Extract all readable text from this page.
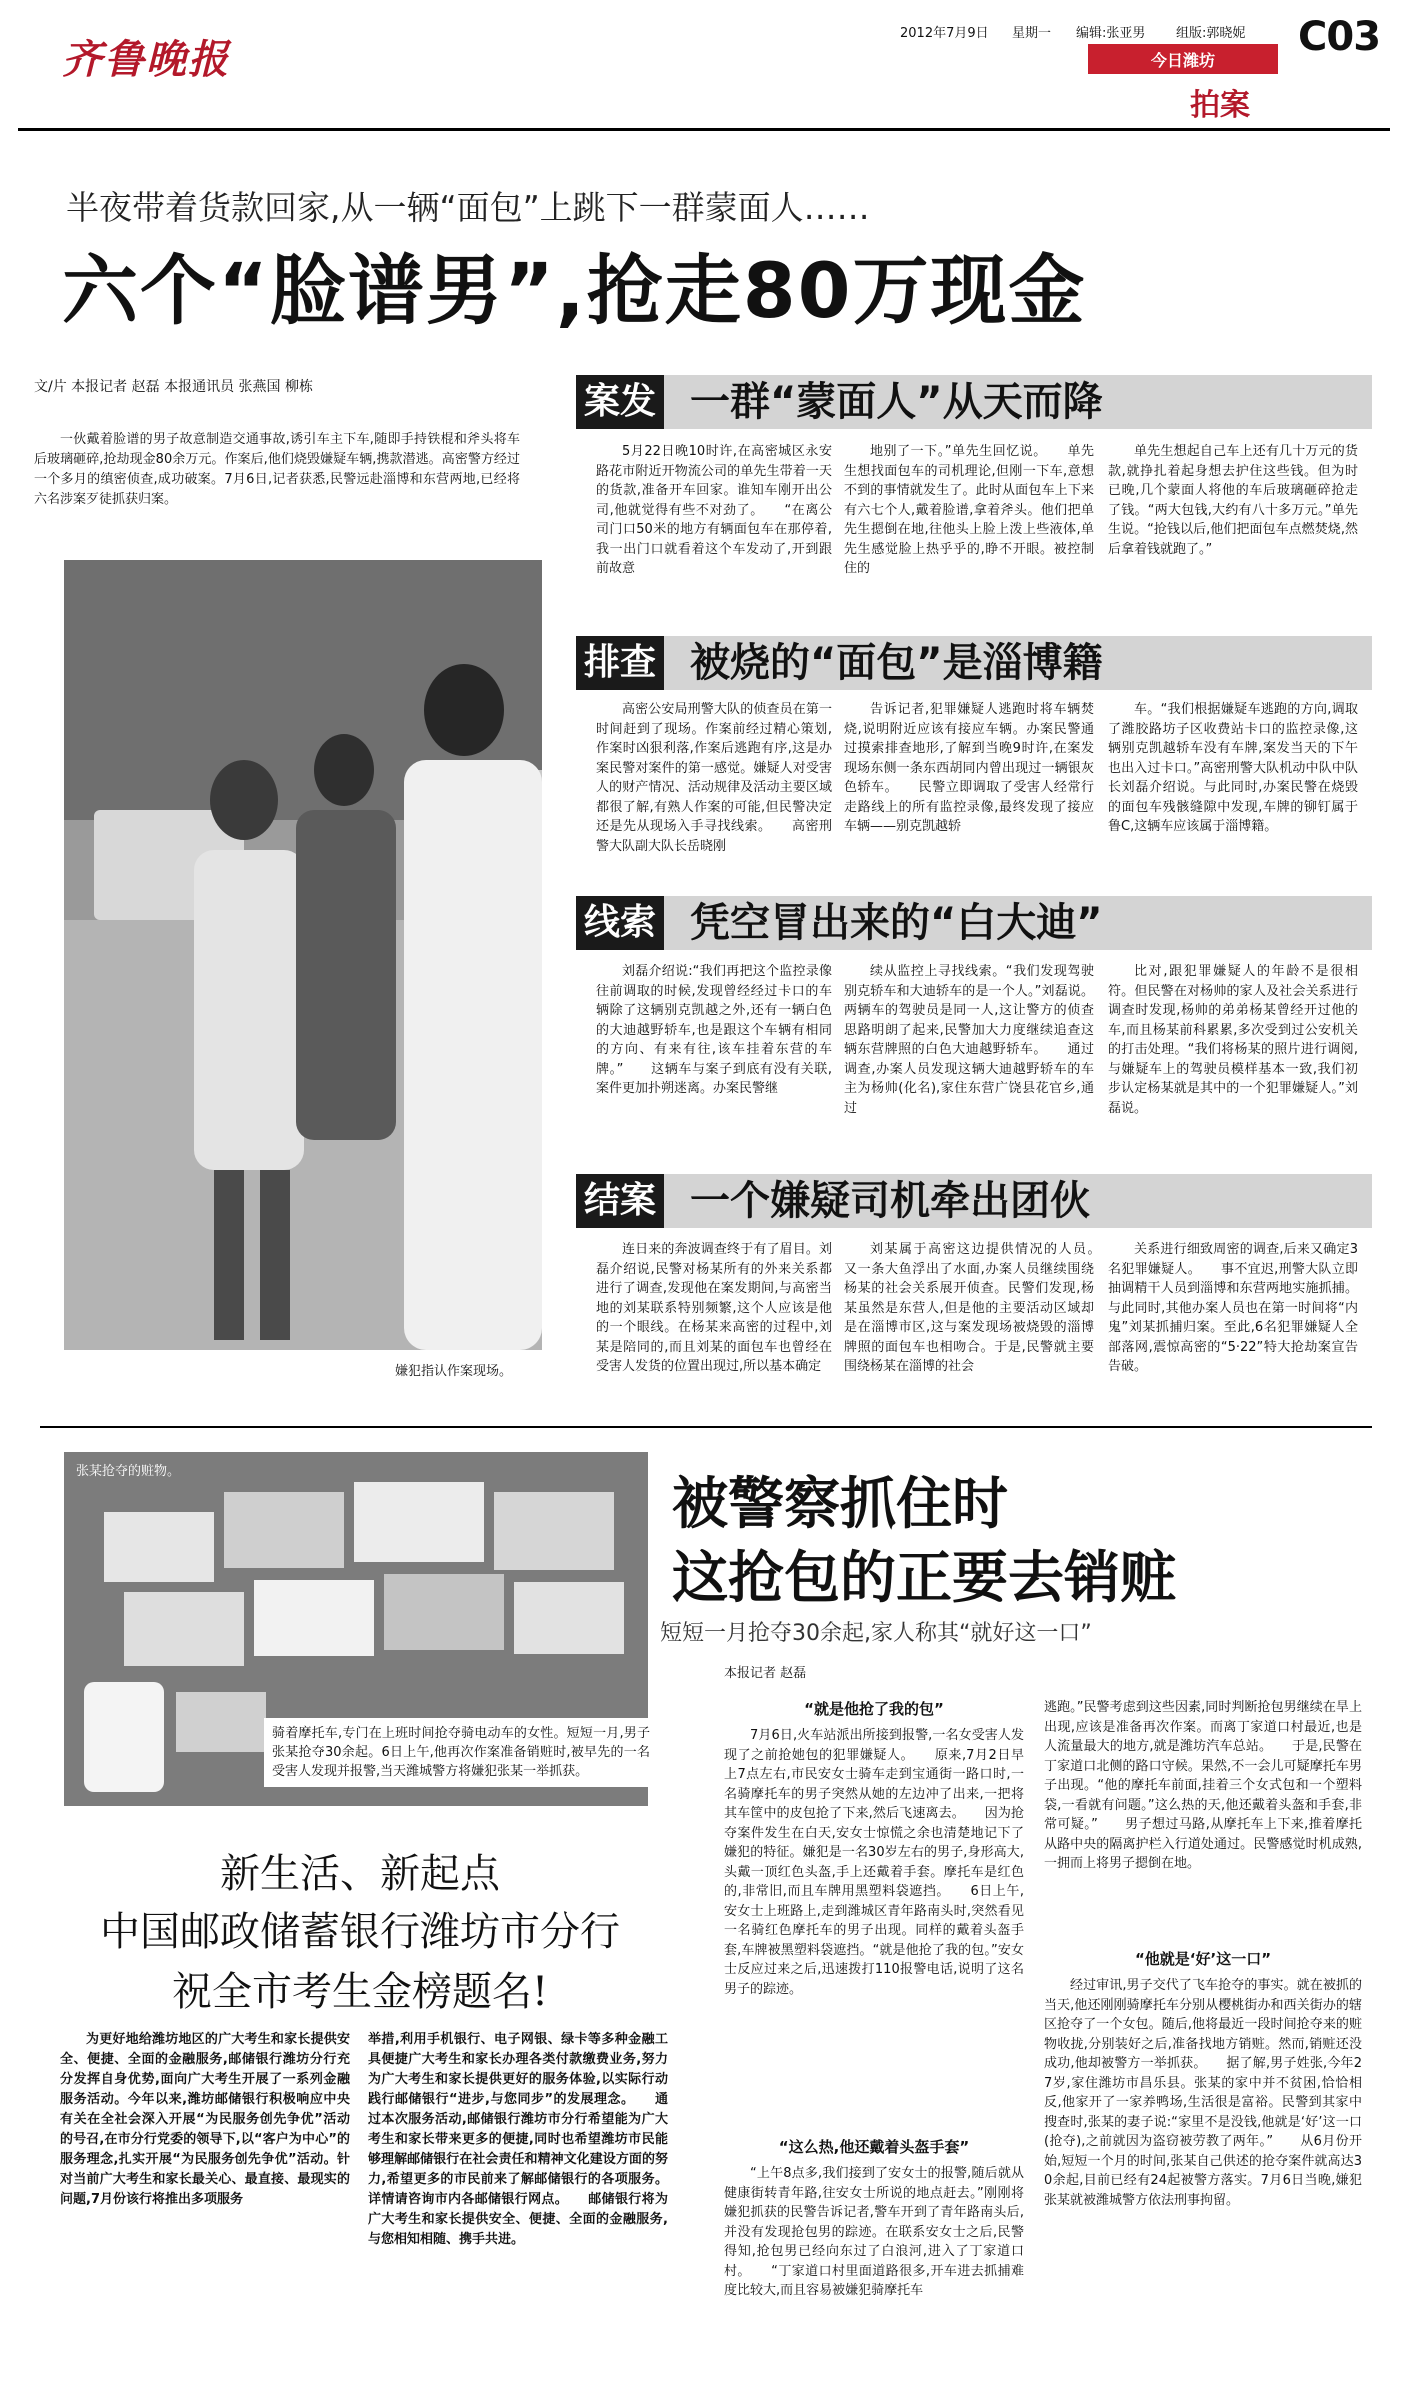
齐鲁晚报
2012年7月9日 星期一 编辑:张亚男 组版:郭晓妮 C03
今日潍坊
拍案
半夜带着货款回家,从一辆“面包”上跳下一群蒙面人……
六个“脸谱男”,抢走80万现金
文/片 本报记者 赵磊 本报通讯员 张燕国 柳栋
一伙戴着脸谱的男子故意制造交通事故,诱引车主下车,随即手持铁棍和斧头将车后玻璃砸碎,抢劫现金80余万元。作案后,他们烧毁嫌疑车辆,携款潜逃。高密警方经过一个多月的缜密侦查,成功破案。7月6日,记者获悉,民警远赴淄博和东营两地,已经将六名涉案歹徒抓获归案。
嫌犯指认作案现场。
案发 一群“蒙面人”从天而降
5月22日晚10时许,在高密城区永安路花市附近开物流公司的单先生带着一天的货款,准备开车回家。谁知车刚开出公司,他就觉得有些不对劲了。　　“在离公司门口50米的地方有辆面包车在那停着,我一出门口就看着这个车发动了,开到跟前故意
地别了一下。”单先生回忆说。　　单先生想找面包车的司机理论,但刚一下车,意想不到的事情就发生了。此时从面包车上下来有六七个人,戴着脸谱,拿着斧头。他们把单先生摁倒在地,往他头上脸上泼上些液体,单先生感觉脸上热乎乎的,睁不开眼。被控制住的
单先生想起自己车上还有几十万元的货款,就挣扎着起身想去护住这些钱。但为时已晚,几个蒙面人将他的车后玻璃砸碎抢走了钱。“两大包钱,大约有八十多万元。”单先生说。“抢钱以后,他们把面包车点燃焚烧,然后拿着钱就跑了。”
排查 被烧的“面包”是淄博籍
高密公安局刑警大队的侦查员在第一时间赶到了现场。作案前经过精心策划,作案时凶狠利落,作案后逃跑有序,这是办案民警对案件的第一感觉。嫌疑人对受害人的财产情况、活动规律及活动主要区域都很了解,有熟人作案的可能,但民警决定还是先从现场入手寻找线索。　　高密刑警大队副大队长岳晓刚
告诉记者,犯罪嫌疑人逃跑时将车辆焚烧,说明附近应该有接应车辆。办案民警通过摸索排查地形,了解到当晚9时许,在案发现场东侧一条东西胡同内曾出现过一辆银灰色轿车。　　民警立即调取了受害人经常行走路线上的所有监控录像,最终发现了接应车辆——别克凯越轿
车。“我们根据嫌疑车逃跑的方向,调取了潍胶路坊子区收费站卡口的监控录像,这辆别克凯越轿车没有车牌,案发当天的下午也出入过卡口。”高密刑警大队机动中队中队长刘磊介绍说。与此同时,办案民警在烧毁的面包车残骸缝隙中发现,车牌的铆钉属于鲁C,这辆车应该属于淄博籍。
线索 凭空冒出来的“白大迪”
刘磊介绍说:“我们再把这个监控录像往前调取的时候,发现曾经经过卡口的车辆除了这辆别克凯越之外,还有一辆白色的大迪越野轿车,也是跟这个车辆有相同的方向、有来有往,该车挂着东营的车牌。”　　这辆车与案子到底有没有关联,案件更加扑朔迷离。办案民警继
续从监控上寻找线索。“我们发现驾驶别克轿车和大迪轿车的是一个人。”刘磊说。两辆车的驾驶员是同一人,这让警方的侦查思路明朗了起来,民警加大力度继续追查这辆东营牌照的白色大迪越野轿车。　　通过调查,办案人员发现这辆大迪越野轿车的车主为杨帅(化名),家住东营广饶县花官乡,通过
比对,跟犯罪嫌疑人的年龄不是很相符。但民警在对杨帅的家人及社会关系进行调查时发现,杨帅的弟弟杨某曾经开过他的车,而且杨某前科累累,多次受到过公安机关的打击处理。“我们将杨某的照片进行调阅,与嫌疑车上的驾驶员模样基本一致,我们初步认定杨某就是其中的一个犯罪嫌疑人。”刘磊说。
结案 一个嫌疑司机牵出团伙
连日来的奔波调查终于有了眉目。刘磊介绍说,民警对杨某所有的外来关系都进行了调查,发现他在案发期间,与高密当地的刘某联系特别频繁,这个人应该是他的一个眼线。在杨某来高密的过程中,刘某是陪同的,而且刘某的面包车也曾经在受害人发货的位置出现过,所以基本确定
刘某属于高密这边提供情况的人员。　　又一条大鱼浮出了水面,办案人员继续围绕杨某的社会关系展开侦查。民警们发现,杨某虽然是东营人,但是他的主要活动区域却是在淄博市区,这与案发现场被烧毁的淄博牌照的面包车也相吻合。于是,民警就主要围绕杨某在淄博的社会
关系进行细致周密的调查,后来又确定3名犯罪嫌疑人。　　事不宜迟,刑警大队立即抽调精干人员到淄博和东营两地实施抓捕。与此同时,其他办案人员也在第一时间将“内鬼”刘某抓捕归案。至此,6名犯罪嫌疑人全部落网,震惊高密的“5·22”特大抢劫案宣告告破。
张某抢夺的赃物。
骑着摩托车,专门在上班时间抢夺骑电动车的女性。短短一月,男子张某抢夺30余起。6日上午,他再次作案准备销赃时,被早先的一名受害人发现并报警,当天潍城警方将嫌犯张某一举抓获。
被警察抓住时
这抢包的正要去销赃
短短一月抢夺30余起,家人称其“就好这一口”
本报记者 赵磊
“就是他抢了我的包”
7月6日,火车站派出所接到报警,一名女受害人发现了之前抢她包的犯罪嫌疑人。　　原来,7月2日早上7点左右,市民安女士骑车走到宝通街一路口时,一名骑摩托车的男子突然从她的左边冲了出来,一把将其车筐中的皮包抢了下来,然后飞速离去。　　因为抢夺案件发生在白天,安女士惊慌之余也清楚地记下了嫌犯的特征。嫌犯是一名30岁左右的男子,身形高大,头戴一顶红色头盔,手上还戴着手套。摩托车是红色的,非常旧,而且车牌用黑塑料袋遮挡。　　6日上午,安女士上班路上,走到潍城区青年路南头时,突然看见一名骑红色摩托车的男子出现。同样的戴着头盔手套,车牌被黑塑料袋遮挡。“就是他抢了我的包。”安女士反应过来之后,迅速拨打110报警电话,说明了这名男子的踪迹。
“这么热,他还戴着头盔手套”
“上午8点多,我们接到了安女士的报警,随后就从健康街转青年路,往安女士所说的地点赶去。”刚刚将嫌犯抓获的民警告诉记者,警车开到了青年路南头后,并没有发现抢包男的踪迹。在联系安女士之后,民警得知,抢包男已经向东过了白浪河,进入了丁家道口村。　　“丁家道口村里面道路很多,开车进去抓捕难度比较大,而且容易被嫌犯骑摩托车
逃跑。”民警考虑到这些因素,同时判断抢包男继续在旱上出现,应该是准备再次作案。而离丁家道口村最近,也是人流量最大的地方,就是潍坊汽车总站。　　于是,民警在丁家道口北侧的路口守候。果然,不一会儿可疑摩托车男子出现。“他的摩托车前面,挂着三个女式包和一个塑料袋,一看就有问题。”这么热的天,他还戴着头盔和手套,非常可疑。”　　男子想过马路,从摩托车上下来,推着摩托从路中央的隔离护栏入行道处通过。民警感觉时机成熟,一拥而上将男子摁倒在地。
“他就是‘好’这一口”
经过审讯,男子交代了飞车抢夺的事实。就在被抓的当天,他还刚刚骑摩托车分别从樱桃街办和西关街办的辖区抢夺了一个女包。随后,他将最近一段时间抢夺来的赃物收拢,分别装好之后,准备找地方销赃。然而,销赃还没成功,他却被警方一举抓获。　　据了解,男子姓张,今年27岁,家住潍坊市昌乐县。张某的家中并不贫困,恰恰相反,他家开了一家养鸭场,生活很是富裕。民警到其家中搜查时,张某的妻子说:“家里不是没钱,他就是‘好’这一口(抢夺),之前就因为盗窃被劳教了两年。”　　从6月份开始,短短一个月的时间,张某自己供述的抢夺案件就高达30余起,目前已经有24起被警方落实。7月6日当晚,嫌犯张某就被潍城警方依法刑事拘留。
新生活、新起点
中国邮政储蓄银行潍坊市分行
祝全市考生金榜题名!
为更好地给潍坊地区的广大考生和家长提供安全、便捷、全面的金融服务,邮储银行潍坊分行充分发挥自身优势,面向广大考生开展了一系列金融服务活动。今年以来,潍坊邮储银行积极响应中央有关在全社会深入开展“为民服务创先争优”活动的号召,在市分行党委的领导下,以“客户为中心”的服务理念,扎实开展“为民服务创先争优”活动。针对当前广大考生和家长最关心、最直接、最现实的问题,7月份该行将推出多项服务
举措,利用手机银行、电子网银、绿卡等多种金融工具便捷广大考生和家长办理各类付款缴费业务,努力为广大考生和家长提供更好的服务体验,以实际行动践行邮储银行“进步,与您同步”的发展理念。　　通过本次服务活动,邮储银行潍坊市分行希望能为广大考生和家长带来更多的便捷,同时也希望潍坊市民能够理解邮储银行在社会责任和精神文化建设方面的努力,希望更多的市民前来了解邮储银行的各项服务。详情请咨询市内各邮储银行网点。　　邮储银行将为广大考生和家长提供安全、便捷、全面的金融服务,与您相知相随、携手共进。
